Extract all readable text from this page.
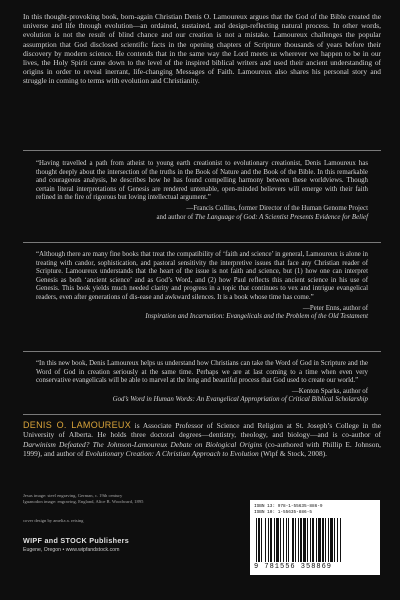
In this thought-provoking book, born-again Christian Denis O. Lamoureux argues that the God of the Bible created the universe and life through evolution—an ordained, sustained, and design-reflecting natural process. In other words, evolution is not the result of blind chance and our creation is not a mistake. Lamoureux challenges the popular assumption that God disclosed scientific facts in the opening chapters of Scripture thousands of years before their discovery by modern science. He contends that in the same way the Lord meets us wherever we happen to be in our lives, the Holy Spirit came down to the level of the inspired biblical writers and used their ancient understanding of origins in order to reveal inerrant, life-changing Messages of Faith. Lamoureux also shares his personal story and struggle in coming to terms with evolution and Christianity.

“Having travelled a path from atheist to young earth creationist to evolutionary creationist, Denis Lamoureux has thought deeply about the intersection of the truths in the Book of Nature and the Book of the Bible. In this remarkable and courageous analysis, he describes how he has found compelling harmony between these worldviews. Though certain literal interpretations of Genesis are rendered untenable, open-minded believers will emerge with their faith refined in the fire of rigorous but loving intellectual argument.”

—Francis Collins, former Director of the Human Genome Project
and author of The Language of God: A Scientist Presents Evidence for Belief

“Although there are many fine books that treat the compatibility of ‘faith and science’ in general, Lamoureux is alone in treating with candor, sophistication, and pastoral sensitivity the interpretive issues that face any Christian reader of Scripture. Lamoureux understands that the heart of the issue is not faith and science, but (1) how one can interpret Genesis as both ‘ancient science’ and as God’s Word, and (2) how Paul reflects this ancient science in his use of Genesis. This book yields much needed clarity and progress in a topic that continues to vex and intrigue evangelical readers, even after generations of dis-ease and awkward silences. It is a book whose time has come.”

—Peter Enns, author of
Inspiration and Incarnation: Evangelicals and the Problem of the Old Testament

“In this new book, Denis Lamoureux helps us understand how Christians can take the Word of God in Scripture and the Word of God in creation seriously at the same time. Perhaps we are at last coming to a time when even very conservative evangelicals will be able to marvel at the long and beautiful process that God used to create our world.”

—Kenton Sparks, author of
God’s Word in Human Words: An Evangelical Appropriation of Critical Biblical Scholarship
DENIS O. LAMOUREUX is Associate Professor of Science and Religion at St. Joseph’s College in the University of Alberta. He holds three doctoral degrees—dentistry, theology, and biology—and is co-author of Darwinism Defeated? The Johnson-Lamoureux Debate on Biological Origins (co-authored with Phillip E. Johnson, 1999), and author of Evolutionary Creation: A Christian Approach to Evolution (Wipf & Stock, 2008).
Jesus image: steel engraving, German, c. 19th century
Iguanodon image: engraving, England, Alice B. Woodward, 1895
cover design by amelia a. reising
WIPF and STOCK Publishers
Eugene, Oregon • www.wipfandstock.com
ISBN 13: 978-1-55635-886-9
ISBN 10: 1-55635-886-5
9 781556 358869
